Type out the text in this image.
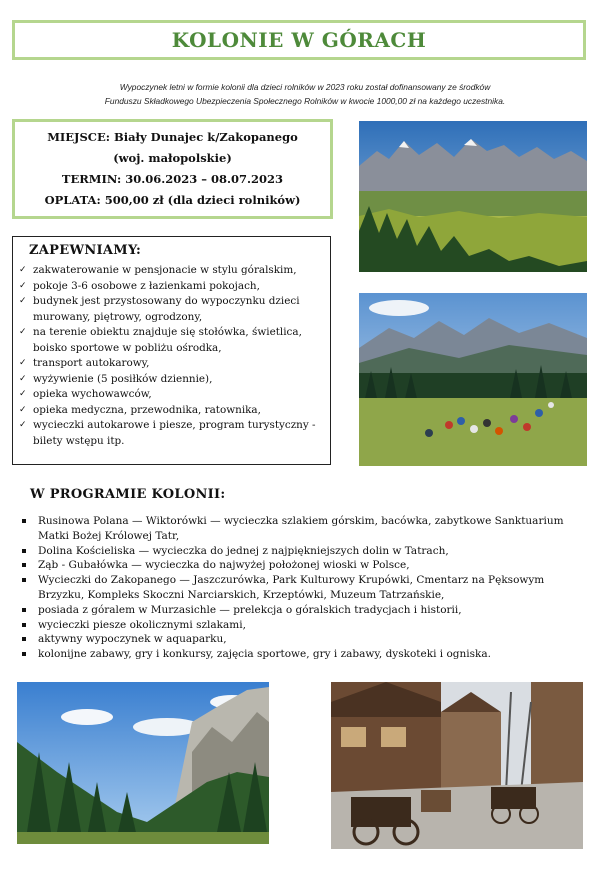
KOLONIE W GÓRACH
Wypoczynek letni w formie kolonii dla dzieci rolników w 2023 roku został dofinansowany ze środków
Funduszu Składkowego Ubezpieczenia Społecznego Rolników w kwocie 1000,00 zł na każdego uczestnika.
MIEJSCE: Biały Dunajec k/Zakopanego
(woj. małopolskie)
TERMIN: 30.06.2023 – 08.07.2023
OPLATA: 500,00 zł (dla dzieci rolników)
ZAPEWNIAMY:
✓ zakwaterowanie w pensjonacie w stylu góralskim,
✓ pokoje 3-6 osobowe z łazienkami pokojach,
✓ budynek jest przystosowany do wypoczynku dzieci murowany, piętrowy, ogrodzony,
✓ na terenie obiektu znajduje się stołówka, świetlica, boisko sportowe w pobliżu ośrodka,
✓ transport autokarowy,
✓ wyżywienie (5 posiłków dziennie),
✓ opieka wychowawców,
✓ opieka medyczna, przewodnika, ratownika,
✓ wycieczki autokarowe i piesze, program turystyczny - bilety wstępu itp.
W PROGRAMIE KOLONII:
Rusinowa Polana — Wiktorówki — wycieczka szlakiem górskim, bacówka, zabytkowe Sanktuarium Matki Bożej Królowej Tatr,
Dolina Kościeliska — wycieczka do jednej z najpiękniejszych dolin w Tatrach,
Ząb - Gubałówka — wycieczka do najwyżej położonej wioski w Polsce,
Wycieczki do Zakopanego — Jaszczurówka, Park Kulturowy Krupówki, Cmentarz na Pęksowym Brzyzku, Kompleks Skoczni Narciarskich, Krzeptówki, Muzeum Tatrzańskie,
posiada z góralem w Murzasichle — prelekcja o góralskich tradycjach i historii,
wycieczki piesze okolicznymi szlakami,
aktywny wypoczynek w aquaparku,
kolonijne zabawy, gry i konkursy, zajęcia sportowe, gry i zabawy, dyskoteki i ogniska.
